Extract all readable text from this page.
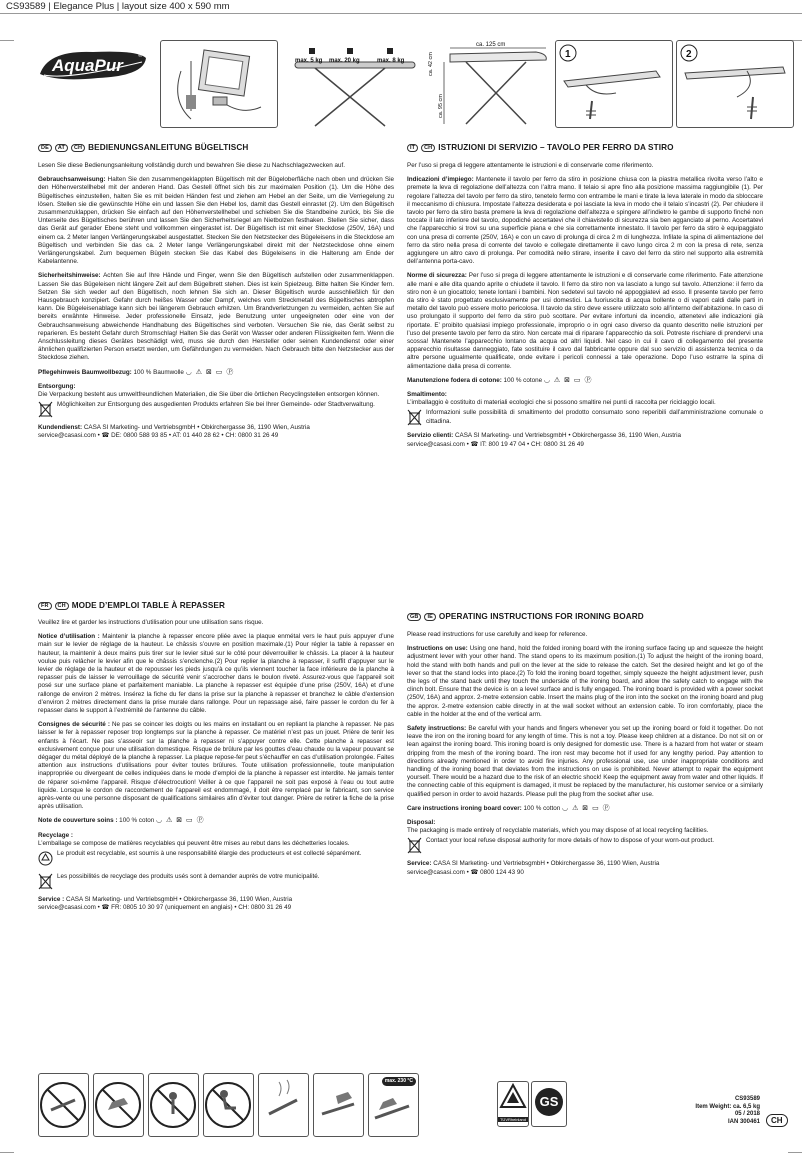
CS93589 | Elegance Plus | layout size 400 x 590 mm
AquaPur	®
max. 5 kg max. 20 kg	max. 8 kg
ca. 125 cm
ca. 42 cm
ca. 95 cm
1	2
DE	AT	CH BEDIENUNGSANLEITUNG BÜGELTISCH

Lesen Sie diese Bedienungsanleitung vollständig durch und bewahren Sie diese zu Nachschlagezwecken auf.

Gebrauchsanweisung: Halten Sie den zusammengeklappten Bügeltisch mit der Bügeloberfläche nach oben und drücken Sie den Höhenverstellhebel mit der anderen Hand. Das Gestell öffnet sich bis zur maximalen Position (1). Um die Höhe des Bügeltisches einzustellen, halten Sie es mit beiden Händen fest und ziehen am Hebel an der Seite, um die Verriegelung zu lösen. Stellen sie die gewünschte Höhe ein und lassen Sie den Hebel los, damit das Gestell einrastet (2). Um den Bügeltisch zusammenzuklappen, drücken Sie einfach auf den Höhenverstellhebel und schieben Sie die Standbeine zurück, bis Sie die Unterseite des Bügeltisches berühren und lassen Sie den Sicherheitsriegel am Nietbolzen festhaken. Stellen Sie sicher, dass das Gerät auf gerader Ebene steht und vollkommen eingerastet ist. Der Bügeltisch ist mit einer Steckdose (250V, 16A) und einem ca. 2 Meter langen Verlängerungskabel ausgestattet. Stecken Sie den Netzstecker des Bügeleisens in die Steckdose am Bügeltisch und verbinden Sie das ca. 2 Meter lange Verlängerungskabel direkt mit der Netzsteckdose ohne einem Verlängerungskabel. Zum bequemen Bügeln stecken Sie das Kabel des Bügeleisens in die Halterung am Ende der Kabelantenne.

Sicherheitshinweise: Achten Sie auf Ihre Hände und Finger, wenn Sie den Bügeltisch aufstellen oder zusammenklappen. Lassen Sie das Bügeleisen nicht längere Zeit auf dem Bügelbrett stehen. Dies ist kein Spielzeug. Bitte halten Sie Kinder fern. Setzen Sie sich weder auf den Bügeltisch, noch lehnen Sie sich an. Dieser Bügeltisch wurde ausschließlich für den Hausgebrauch konzipiert. Gefahr durch heißes Wasser oder Dampf, welches vom Streckmetall des Bügeltisches abtropfen kann. Die Bügeleisenablage kann sich bei längerem Gebrauch erhitzen. Um Brandverletzungen zu vermeiden, achten Sie auf bereits erwähnte Hinweise. Jeder professionelle Einsatz, jede Benutzung unter ungeeigneten oder eine von der Gebrauchsanweisung abweichende Handhabung des Bügeltisches sind verboten. Versuchen Sie nie, das Gerät selbst zu reparieren. Es besteht Gefahr durch Stromschlag! Halten Sie das Gerät von Wasser oder anderen Flüssigkeiten fern. Wenn die Anschlussleitung dieses Gerätes beschädigt wird, muss sie durch den Hersteller oder seinen Kundendienst oder einer ähnlichen qualifizierten Person ersetzt werden, um Gefährdungen zu vermeiden. Nach Gebrauch bitte den Netzstecker aus der Steckdose ziehen.

Pflegehinweis Baumwollbezug: 100 % Baumwolle ◡ ⚠ ⊠ ▭ Ⓟ

Entsorgung:
Die Verpackung besteht aus umweltfreundlichen Materialien, die Sie über die örtlichen Recyclingstellen entsorgen können.

Möglichkeiten zur Entsorgung des ausgedienten Produkts erfahren Sie bei Ihrer Gemeinde- oder Stadtverwaltung.

Kundendienst: CASA SI Marketing- und VertriebsgmbH • Obkirchergasse 36, 1190 Wien, Austria
service@casasi.com • ☎ DE: 0800 588 93 85 • AT: 01 440 28 62 • CH: 0800 31 26 49

FR	CH MODE D’EMPLOI TABLE À REPASSER

Veuillez lire et garder les instructions d’utilisation pour une utilisation sans risque.

Notice d’utilisation : Maintenir la planche à repasser encore pliée avec la plaque enmétal vers le haut puis appuyer d’une main sur le levier de réglage de la hauteur. Le châssis s’ouvre en position maximale.(1) Pour régler la table à repasser en hauteur, la maintenir à deux mains puis tirer sur le levier situé sur le côté pour déverrouiller le châssis. La placer à la hauteur voulue puis relâcher le levier afin que le châssis s’enclenche.(2) Pour replier la planche à repasser, il suffit d’appuyer sur le levier de réglage de la hauteur et de repousser les pieds jusqu’à ce qu’ils viennent toucher la face inférieure de la planche à repasser puis de laisser le verrouillage de sécurité venir s’accrocher dans le boulon riveté. Assurez-vous que l’appareil soit posé sur une surface plane et parfaitement maniable. La planche à repasser est équipée d’une prise (250V, 16A) et d’une rallonge de environ 2 mètres. Insérez la fiche du fer dans la prise sur la planche à repasser et branchez le câble d’extension d’environ 2 mètres directement dans la prise murale dans rallonge. Pour un repassage aisé, faire passer le cordon du fer à repasser dans le support à l’extrémité de l’antenne du câble.

Consignes de sécurité : Ne pas se coincer les doigts ou les mains en installant ou en repliant la planche à repasser. Ne pas laisser le fer à repasser reposer trop longtemps sur la planche à repasser. Ce matériel n’est pas un jouet. Prière de tenir les enfants à l’écart. Ne pas s’asseoir sur la planche à repasser ni s’appuyer contre elle. Cette planche à repasser est exclusivement conçue pour une utilisation domestique. Risque de brûlure par les gouttes d’eau chaude ou la vapeur pouvant se dégager du métal déployé de la planche à repasser. La plaque repose-fer peut s’échauffer en cas d’utilisation prolongée. Faites attention aux instructions d’utilisations pour éviter toutes brûlures. Toute utilisation professionnelle, toute manipulation inappropriée ou divergeant de celles indiquées dans le mode d’emploi de la planche à repasser est interdite. Ne jamais tenter de réparer soi-même l’appareil. Risque d’électrocution! Veiller à ce que l’appareil ne soit pas exposé à l’eau ou tout autre liquide. Lorsque le cordon de raccordement de l’appareil est endommagé, il doit être remplacé par le fabricant, son service après-vente ou une personne disposant de qualifications similaires afin d’éviter tout danger. Prière de retirer la fiche de la prise après utilisation.

Note de couverture soins : 100 % coton ◡ ⚠ ⊠ ▭ Ⓟ

Recyclage :
L’emballage se compose de matières recyclables qui peuvent être mises au rebut dans les déchetteries locales.

Le produit est recyclable, est soumis à une responsabilité élargie des producteurs et est collecté séparément.
Les possibilités de recyclage des produits usés sont à demander auprès de votre municipalité.

Service : CASA SI Marketing- und VertriebsgmbH • Obkirchergasse 36, 1190 Wien, Austria
service@casasi.com • ☎ FR: 0805 10 30 97 (uniquement en anglais) • CH: 0800 31 26 49

IT	CH ISTRUZIONI DI SERVIZIO – TAVOLO PER FERRO DA STIRO

Per l’uso si prega di leggere attentamente le istruzioni e di conservarle come riferimento.

Indicazioni d’impiego: Mantenete il tavolo per ferro da stiro in posizione chiusa con la piastra metallica rivolta verso l’alto e premete la leva di regolazione dell’altezza con l’altra mano. Il telaio si apre fino alla posizione massima raggiungibile (1). Per regolare l’altezza del tavolo per ferro da stiro, tenetelo fermo con entrambe le mani e tirate la leva laterale in modo da sbloccare il meccanismo di chiusura. Impostate l’altezza desiderata e poi lasciate la leva in modo che il telaio s’incastri (2). Per chiudere il tavolo per ferro da stiro basta premere la leva di regolazione dell’altezza e spingere all’indietro le gambe di supporto finché non toccate il lato inferiore del tavolo, dopodiché accertatevi che il chiavistello di sicurezza sia ben agganciato al perno. Accertatevi che l’apparecchio si trovi su una superficie piana e che sia correttamente innestato. Il tavolo per ferro da stiro è equipaggiato con una presa di corrente (250V, 16A) e con un cavo di prolunga di circa 2 m di lunghezza. Infilate la spina di alimentazione del ferro da stiro nella presa di corrente del tavolo e collegate direttamente il cavo lungo circa 2 m con la presa di rete, senza aggiungere un altro cavo di prolunga. Per comodità nello stirare, inserite il cavo del ferro da stiro nel supporto alla estremità dell’antenna porta-cavo.

Norme di sicurezza: Per l’uso si prega di leggere attentamente le istruzioni e di conservarle come riferimento. Fate attenzione alle mani e alle dita quando aprite o chiudete il tavolo. Il ferro da stiro non va lasciato a lungo sul tavolo. Attenzione: il ferro da stiro non è un giocattolo; tenete lontani i bambini. Non sedetevi sul tavolo né appoggiatevi ad esso. Il presente tavolo per ferro da stiro è stato progettato esclusivamente per usi domestici. La fuoriuscita di acqua bollente o di vapori caldi dalle parti in metallo del tavolo può essere molto pericolosa. Il tavolo da stiro deve essere utilizzato solo all’interno dell’abitazione. In caso di uso prolungato il supporto del ferro da stiro può scottare. Per evitare infortuni da incendio, attenetevi alle indicazioni già riportate. E’ proibito qualsiasi impiego professionale, improprio o in ogni caso diverso da quanto descritto nelle istruzioni per l’uso del presente tavolo per ferro da stiro. Non cercate mai di riparare l’apparecchio da soli. Potreste rischiare di prendervi una scossa! Mantenete l’apparecchio lontano da acqua od altri liquidi. Nel caso in cui il cavo di collegamento del presente apparecchio risultasse danneggiato, fate sostituire il cavo dal fabbricante oppure dal suo servizio di assistenza tecnica o da altre persone ugualmente qualificate, onde evitare i pericoli connessi a tale operazione. Dopo l’uso estrarre la spina di alimentazione dalla presa di corrente.

Manutenzione fodera di cotone: 100 % cotone ◡ ⚠ ⊠ ▭ Ⓟ

Smaltimento:
L’imballaggio è costituito di materiali ecologici che si possono smaltire nei punti di raccolta per riciclaggio locali.

Informazioni sulle possibilità di smaltimento del prodotto consumato sono reperibili dall’amministrazione comunale o cittadina.

Servizio clienti: CASA SI Marketing- und VertriebsgmbH • Obkirchergasse 36, 1190 Wien, Austria
service@casasi.com • ☎ IT: 800 19 47 04 • CH: 0800 31 26 49

GB	IE OPERATING INSTRUCTIONS FOR IRONING BOARD

Please read instructions for use carefully and keep for reference.

Instructions on use: Using one hand, hold the folded ironing board with the ironing surface facing up and squeeze the height adjustment lever with your other hand. The stand opens to its maximum position.(1) To adjust the height of the ironing board, hold the stand with both hands and pull on the lever at the side to release the catch. Set the desired height and let go of the lever so that the stand locks into place.(2) To fold the ironing board together, simply squeeze the height adjustment lever, push the legs of the stand back until they touch the underside of the ironing board, and allow the safety catch to engage with the clinch bolt. Ensure that the device is on a level surface and is fully engaged. The ironing board is provided with a power socket (250V, 16A) and approx. 2-metre extension cable. Insert the mains plug of the iron into the socket on the ironing board and plug the approx. 2-metre extension cable directly in at the wall socket without an extension cable. To iron comfortably, place the cable in the holder at the end of the vertical arm.

Safety instructions: Be careful with your hands and fingers whenever you set up the ironing board or fold it together. Do not leave the iron on the ironing board for any length of time. This is not a toy. Please keep children at a distance. Do not sit on or lean against the ironing board. This ironing board is only designed for domestic use. There is a hazard from hot water or steam dripping from the mesh of the ironing board. The iron rest may become hot if used for any lengthy period. Pay attention to directions already mentioned in order to avoid fire injuries. Any professional use, use under inappropriate conditions and handling of the ironing board that deviates from the instructions on use is prohibited. Never attempt to repair the equipment yourself. There would be a hazard due to the risk of an electric shock! Keep the equipment away from water and other liquids. If the connecting cable of this equipment is damaged, it must be replaced by the manufacturer, his customer service or a similarly qualified person in order to avoid hazards. Please pull the plug from the socket after use.

Care instructions ironing board cover: 100 % cotton ◡ ⚠ ⊠ ▭ Ⓟ

Disposal:
The packaging is made entirely of recyclable materials, which you may dispose of at local recycling facilities.

Contact your local refuse disposal authority for more details of how to dispose of your worn-out product.

Service: CASA SI Marketing- und VertriebsgmbH • Obkirchergasse 36, 1190 Wien, Austria
service@casasi.com • ☎ 0800 124 43 90

max. 230 °C
TÜVRheinland
GS	CS93589
Item Weight: ca. 6,5 kg
05 / 2018
IAN 300461	CH
